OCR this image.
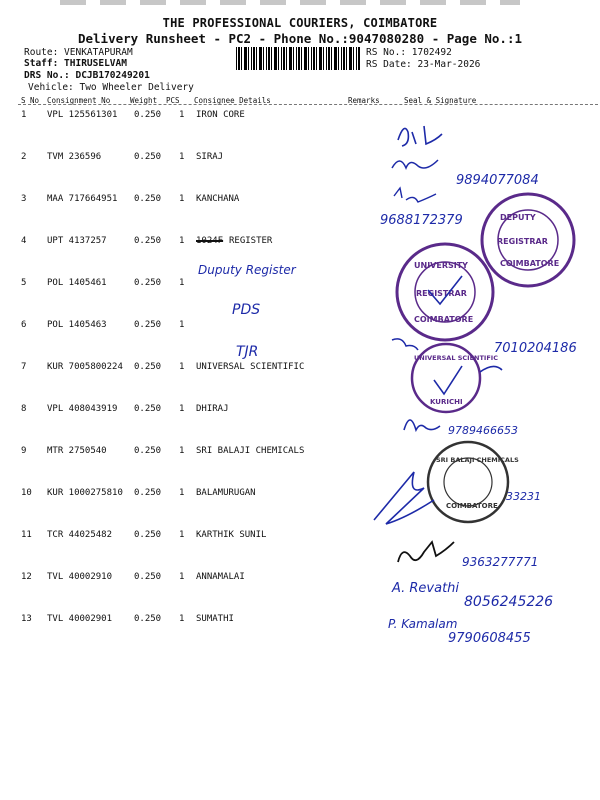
THE PROFESSIONAL COURIERS, COIMBATORE
Delivery Runsheet - PC2 - Phone No.:9047080280 - Page No.:1
Route: VENKATAPURAM
Staff: THIRUSELVAM
DRS No.: DCJB170249201
Vehicle: Two Wheeler Delivery
RS No.: 1702492
RS Date: 23-Mar-2026
S No Consignment No	Weight PCS Consignee Details	Remarks	Seal & Signature
1 VPL 125561301 0.250 1 IRON CORE
2 TVM 236596	0.250 1 SIRAJ
3 MAA 717664951 0.250 1 KANCHANA
4 UPT 4137257	0.250 1 1024F REGISTER
5 POL 1405461	0.250 1
6 POL 1405463	0.250 1
7 KUR 7005800224 0.250 1 UNIVERSAL SCIENTIFIC
8 VPL 408043919 0.250 1 DHIRAJ
9 MTR 2750540	0.250 1 SRI BALAJI CHEMICALS
10 KUR 1000275810 0.250 1 BALAMURUGAN
11 TCR 44025482 0.250 1 KARTHIK SUNIL
12 TVL 40002910 0.250 1 ANNAMALAI
13 TVL 40002901 0.250 1 SUMATHI
9894077084
9688172379
Duputy Register
PDS
TJR
DEPUTY
REGISTRAR
COIMBATORE
UNIVERSITY
REGISTRAR
COIMBATORE
7010204186
UNIVERSAL SCIENTIFIC
KURICHI
9789466653
SRI BALAJI CHEMICALS
COIMBATORE
33231
9363277771
A. Revathi
8056245226
P. Kamalam
9790608455
